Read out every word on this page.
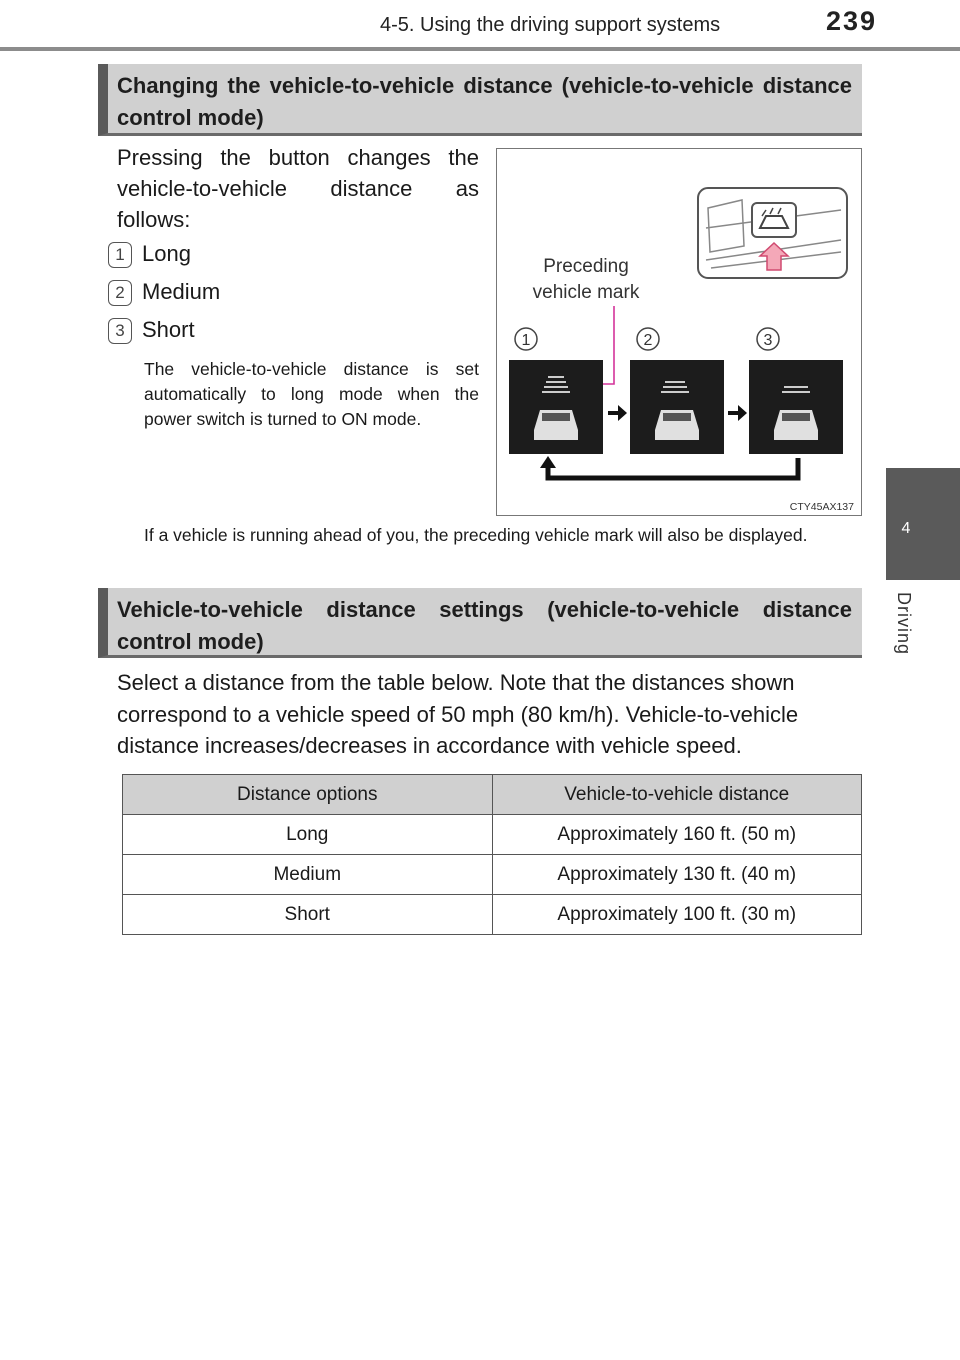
4-5. Using the driving support systems	239
4
Driving
Changing the vehicle-to-vehicle distance (vehicle-to-vehicle distance control mode)
Pressing the button changes the vehicle-to-vehicle distance as follows:
1 Long
2 Medium
3 Short
The vehicle-to-vehicle distance is set automatically to long mode when the power switch is turned to ON mode.
Preceding
vehicle mark
1	2	3
CTY45AX137
If a vehicle is running ahead of you, the preceding vehicle mark will also be displayed.
Vehicle-to-vehicle distance settings (vehicle-to-vehicle distance control mode)
Select a distance from the table below. Note that the distances shown correspond to a vehicle speed of 50 mph (80 km/h). Vehicle-to-vehicle distance increases/decreases in accordance with vehicle speed.
Distance options	Vehicle-to-vehicle distance
Long	Approximately 160 ft. (50 m)
Medium	Approximately 130 ft. (40 m)
Short	Approximately 100 ft. (30 m)
